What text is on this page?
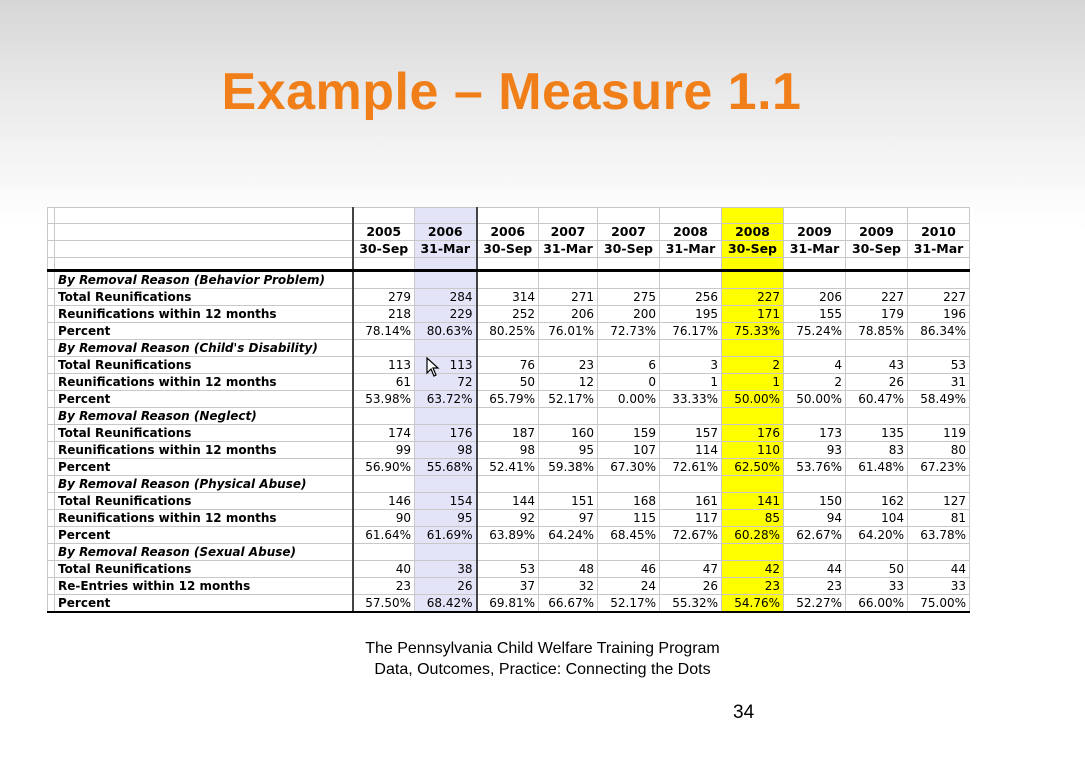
Example – Measure 1.1

		2005	2006	2006	2007	2007	2008	2008	2009	2009	2010
		30-Sep	31-Mar	30-Sep	31-Mar	30-Sep	31-Mar	30-Sep	31-Mar	30-Sep	31-Mar

	By Removal Reason (Behavior Problem)										
	Total Reunifications	279	284	314	271	275	256	227	206	227	227
	Reunifications within 12 months	218	229	252	206	200	195	171	155	179	196
	Percent	78.14%	80.63%	80.25%	76.01%	72.73%	76.17%	75.33%	75.24%	78.85%	86.34%
	By Removal Reason (Child's Disability)										
	Total Reunifications	113	113	76	23	6	3	2	4	43	53
	Reunifications within 12 months	61	72	50	12	0	1	1	2	26	31
	Percent	53.98%	63.72%	65.79%	52.17%	0.00%	33.33%	50.00%	50.00%	60.47%	58.49%
	By Removal Reason (Neglect)										
	Total Reunifications	174	176	187	160	159	157	176	173	135	119
	Reunifications within 12 months	99	98	98	95	107	114	110	93	83	80
	Percent	56.90%	55.68%	52.41%	59.38%	67.30%	72.61%	62.50%	53.76%	61.48%	67.23%
	By Removal Reason (Physical Abuse)										
	Total Reunifications	146	154	144	151	168	161	141	150	162	127
	Reunifications within 12 months	90	95	92	97	115	117	85	94	104	81
	Percent	61.64%	61.69%	63.89%	64.24%	68.45%	72.67%	60.28%	62.67%	64.20%	63.78%
	By Removal Reason (Sexual Abuse)										
	Total Reunifications	40	38	53	48	46	47	42	44	50	44
	Re-Entries within 12 months	23	26	37	32	24	26	23	23	33	33
	Percent	57.50%	68.42%	69.81%	66.67%	52.17%	55.32%	54.76%	52.27%	66.00%	75.00%
The Pennsylvania Child Welfare Training Program
Data, Outcomes, Practice: Connecting the Dots
34
